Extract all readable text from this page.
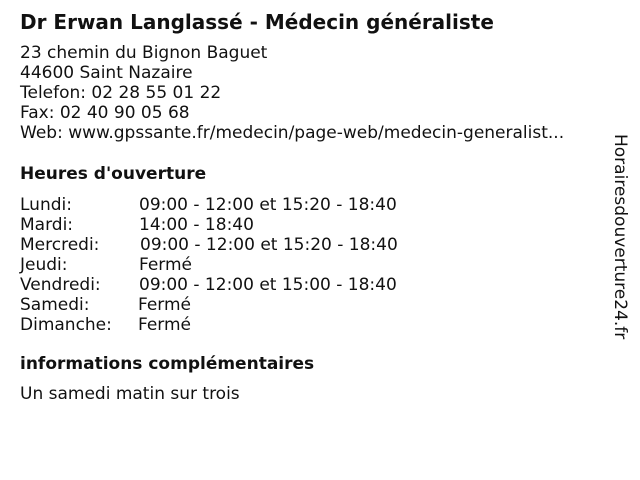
Dr Erwan Langlassé - Médecin généraliste
23 chemin du Bignon Baguet
44600 Saint Nazaire
Telefon: 02 28 55 01 22
Fax: 02 40 90 05 68
Web: www.gpssante.fr/medecin/page-web/medecin-generalist...
Heures d'ouverture
Lundi:	09:00 - 12:00 et 15:20 - 18:40
Mardi:	14:00 - 18:40
Mercredi: 09:00 - 12:00 et 15:20 - 18:40
Jeudi:	Fermé
Vendredi: 09:00 - 12:00 et 15:00 - 18:40
Samedi:	Fermé
Dimanche: Fermé
informations complémentaires
Un samedi matin sur trois
Horairesdouverture24.fr
